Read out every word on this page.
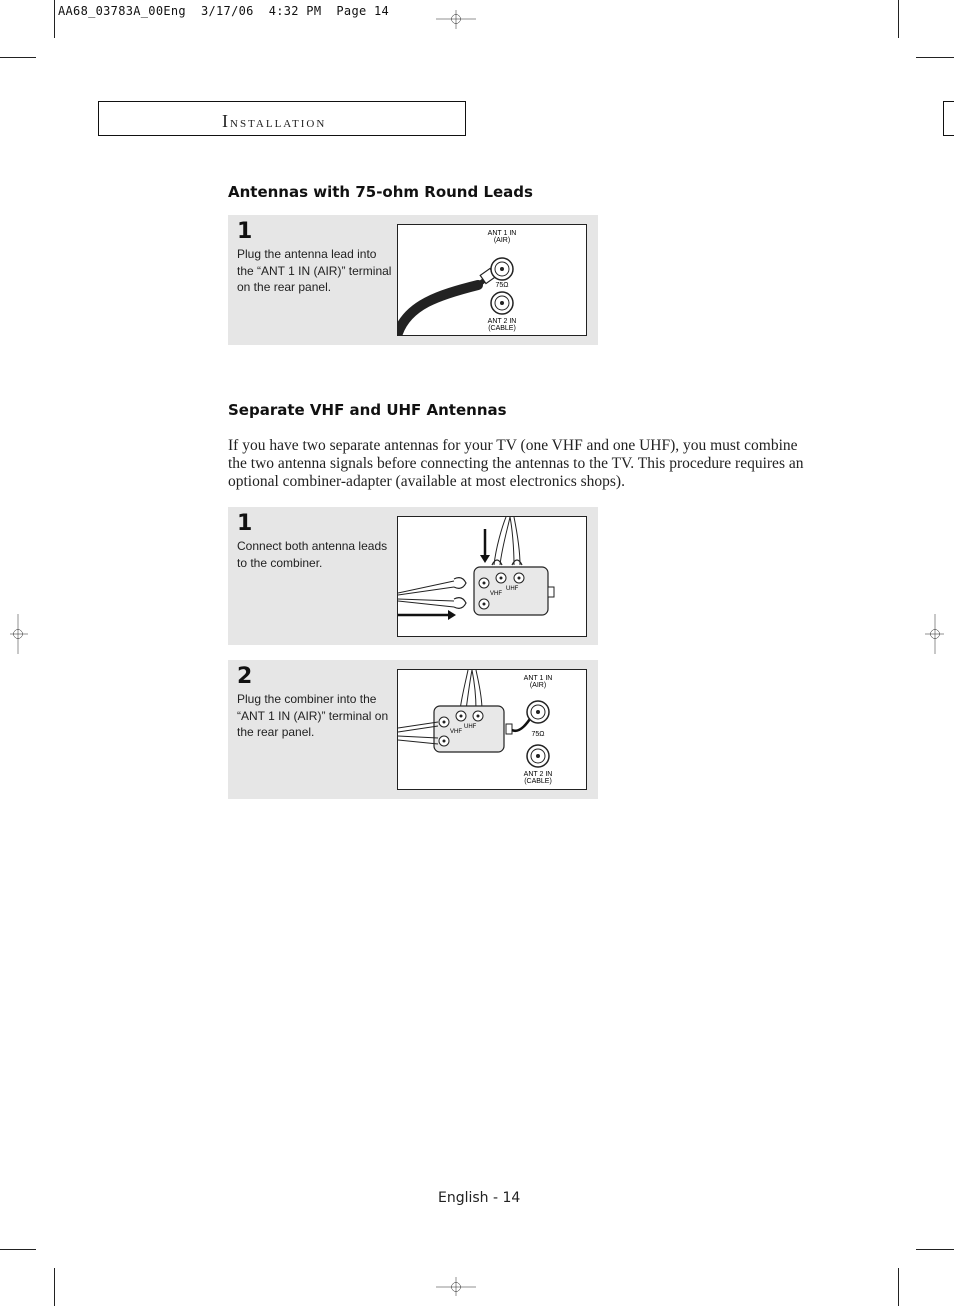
AA68_03783A_00Eng  3/17/06  4:32 PM  Page 14
Installation
Antennas with 75-ohm Round Leads
1
Plug the antenna lead into the “ANT 1 IN (AIR)” terminal on the rear panel.
ANT 1 IN
(AIR)
75Ω
ANT 2 IN
(CABLE)
Separate VHF and UHF Antennas
If you have two separate antennas for your TV (one VHF and one UHF), you must combine the two antenna signals before connecting the antennas to the TV. This procedure requires an optional combiner-adapter (available at most electronics shops).
1
Connect both antenna leads to the combiner.
UHF
VHF
2
Plug the combiner into the “ANT 1 IN (AIR)” terminal on the rear panel.	UHF
VHF
ANT 1 IN
(AIR)
75Ω
ANT 2 IN
(CABLE)
English - 14
